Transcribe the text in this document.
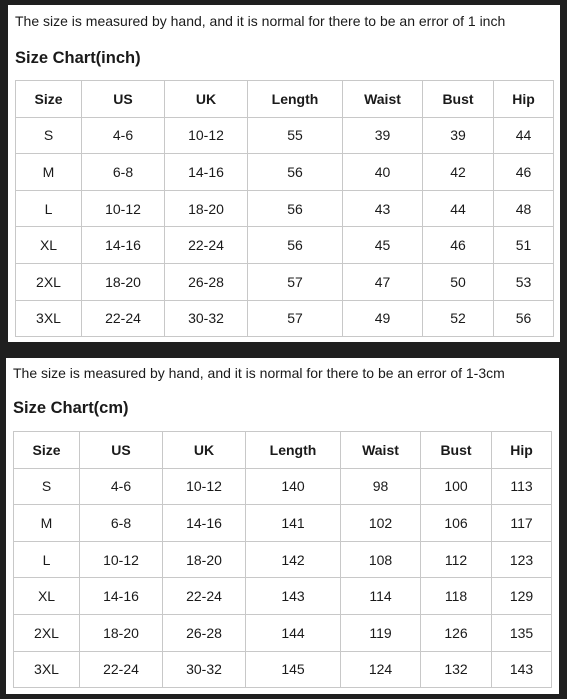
The size is measured by hand, and it is normal for there to be an error of 1 inch
Size Chart(inch)
Size	US	UK	Length	Waist	Bust	Hip
S	4-6	10-12	55	39	39	44
M	6-8	14-16	56	40	42	46
L	10-12	18-20	56	43	44	48
XL	14-16	22-24	56	45	46	51
2XL	18-20	26-28	57	47	50	53
3XL	22-24	30-32	57	49	52	56
The size is measured by hand, and it is normal for there to be an error of 1-3cm
Size Chart(cm)
Size	US	UK	Length	Waist	Bust	Hip
S	4-6	10-12	140	98	100	113
M	6-8	14-16	141	102	106	117
L	10-12	18-20	142	108	112	123
XL	14-16	22-24	143	114	118	129
2XL	18-20	26-28	144	119	126	135
3XL	22-24	30-32	145	124	132	143
